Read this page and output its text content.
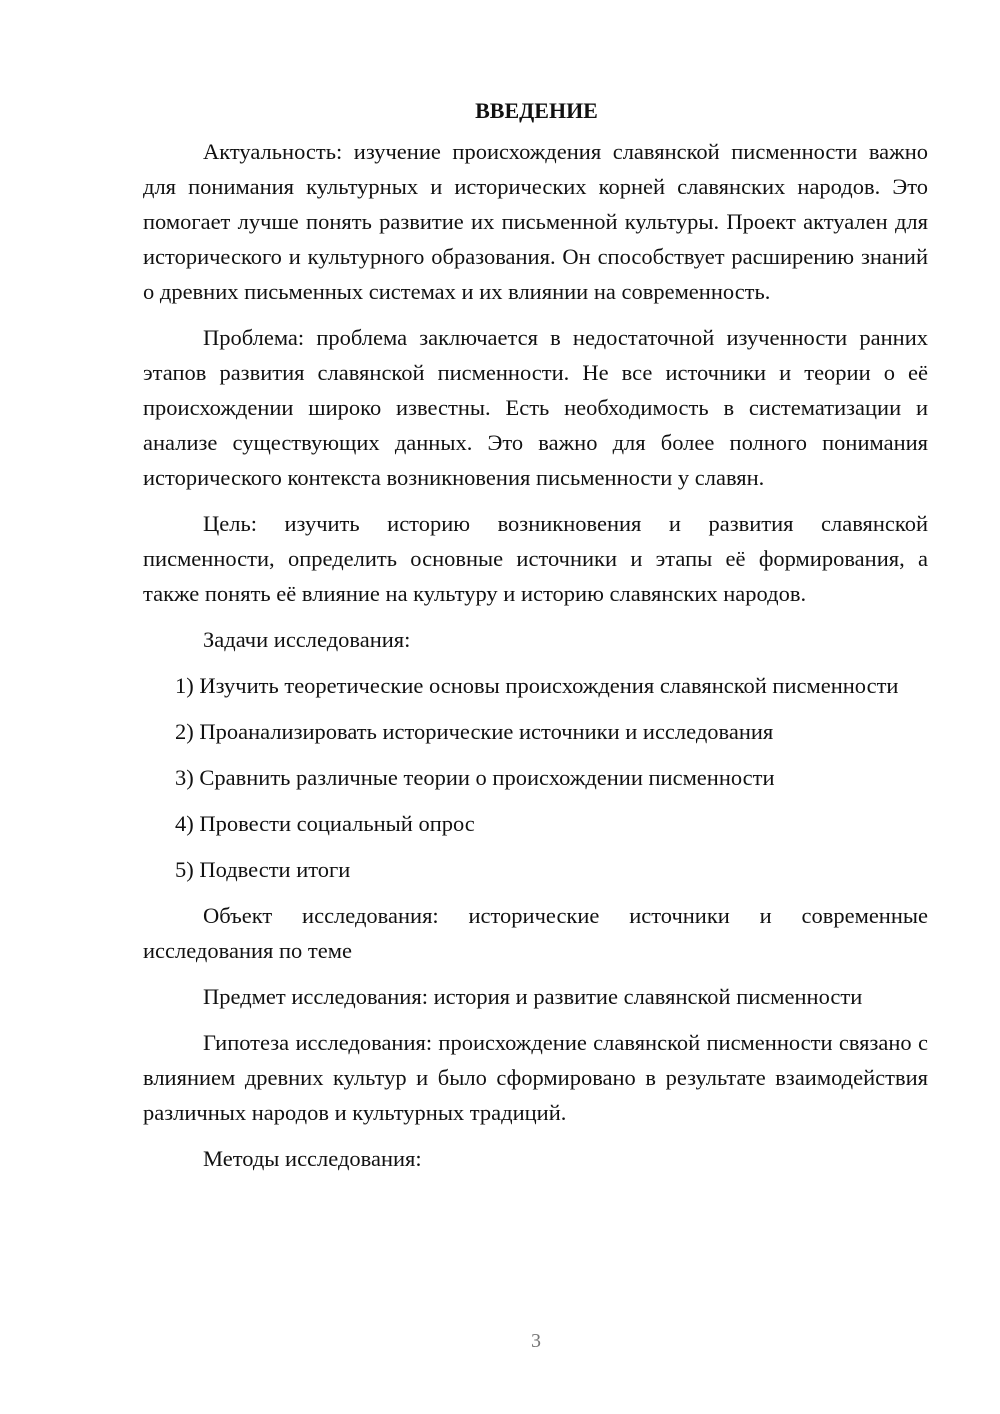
ВВЕДЕНИЕ

Актуальность: изучение происхождения славянской писменности важно для понимания культурных и исторических корней славянских народов. Это помогает лучше понять развитие их письменной культуры. Проект актуален для исторического и культурного образования. Он способствует расширению знаний о древних письменных системах и их влиянии на современность.

Проблема: проблема заключается в недостаточной изученности ранних этапов развития славянской писменности. Не все источники и теории о её происхождении широко известны. Есть необходимость в систематизации и анализе существующих данных. Это важно для более полного понимания исторического контекста возникновения письменности у славян.

Цель: изучить историю возникновения и развития славянской писменности, определить основные источники и этапы её формирования, а также понять её влияние на культуру и историю славянских народов.

Задачи исследования:

1) Изучить теоретические основы происхождения славянской писменности

2) Проанализировать исторические источники и исследования

3) Сравнить различные теории о происхождении писменности

4) Провести социальный опрос

5) Подвести итоги

Объект исследования: исторические источники и современные исследования по теме

Предмет исследования: история и развитие славянской писменности

Гипотеза исследования: происхождение славянской писменности связано с влиянием древних культур и было сформировано в результате взаимодействия различных народов и культурных традиций.

Методы исследования:

3
